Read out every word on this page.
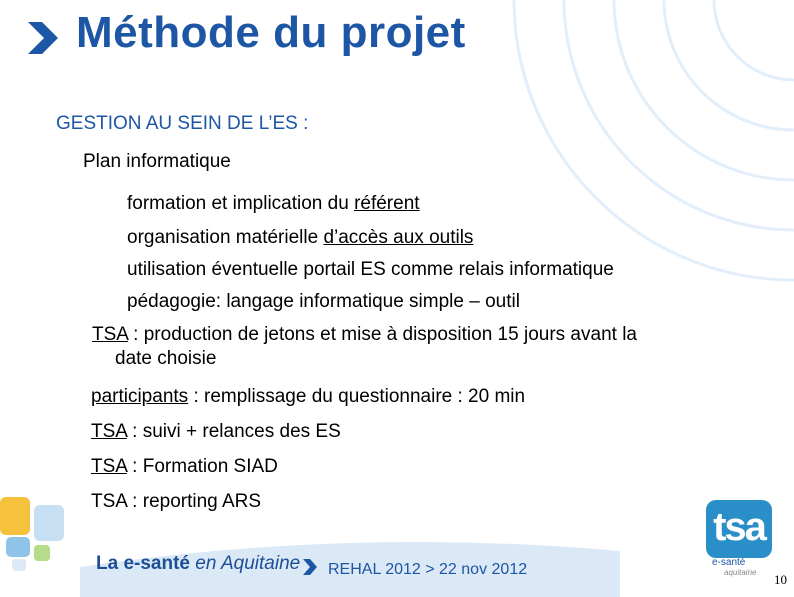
Méthode du projet
GESTION AU SEIN DE L’ES :
Plan informatique
formation et implication du référent
organisation matérielle d’accès aux outils
utilisation éventuelle portail ES comme relais informatique
pédagogie: langage informatique simple – outil
TSA : production de jetons et mise à disposition 15 jours avant la
date choisie
participants : remplissage du questionnaire : 20 min
TSA : suivi + relances des ES
TSA : Formation SIAD
TSA : reporting ARS
La e-santé en Aquitaine REHAL 2012 > 22 nov 2012
tsa
e-santé
aquitaine 10
